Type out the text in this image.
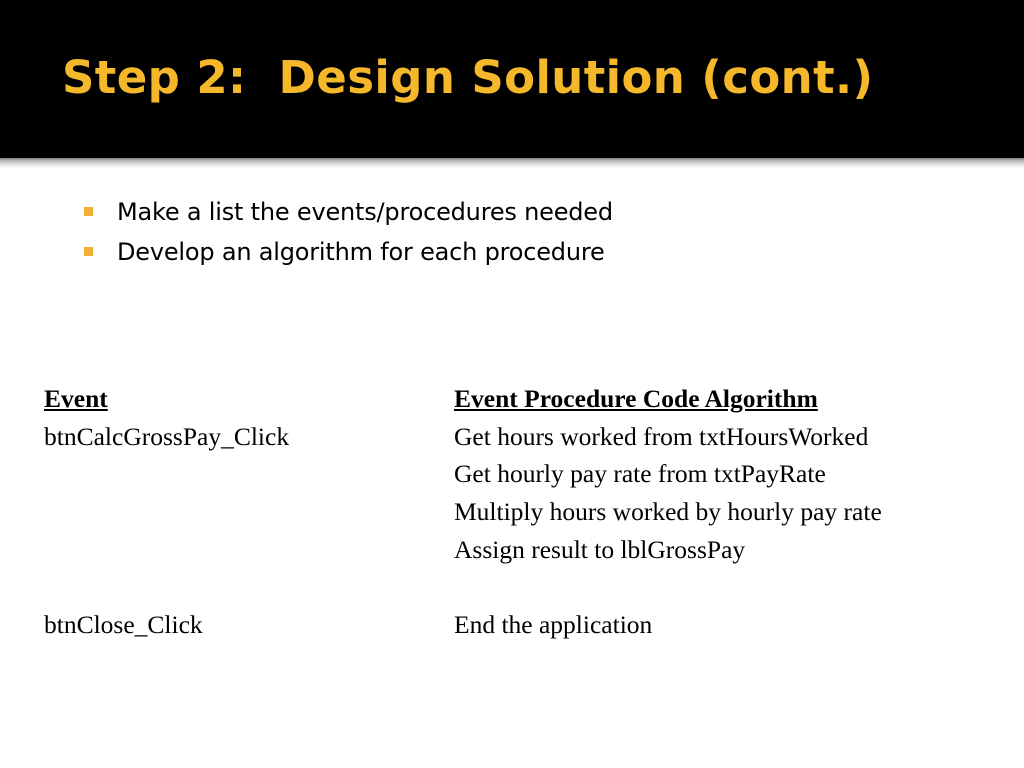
Step 2:  Design Solution (cont.)
Make a list the events/procedures needed
Develop an algorithm for each procedure
Event	Event Procedure Code Algorithm
btnCalcGrossPay_Click	Get hours worked from txtHoursWorked
Get hourly pay rate from txtPayRate
Multiply hours worked by hourly pay rate
Assign result to lblGrossPay
btnClose_Click	End the application
